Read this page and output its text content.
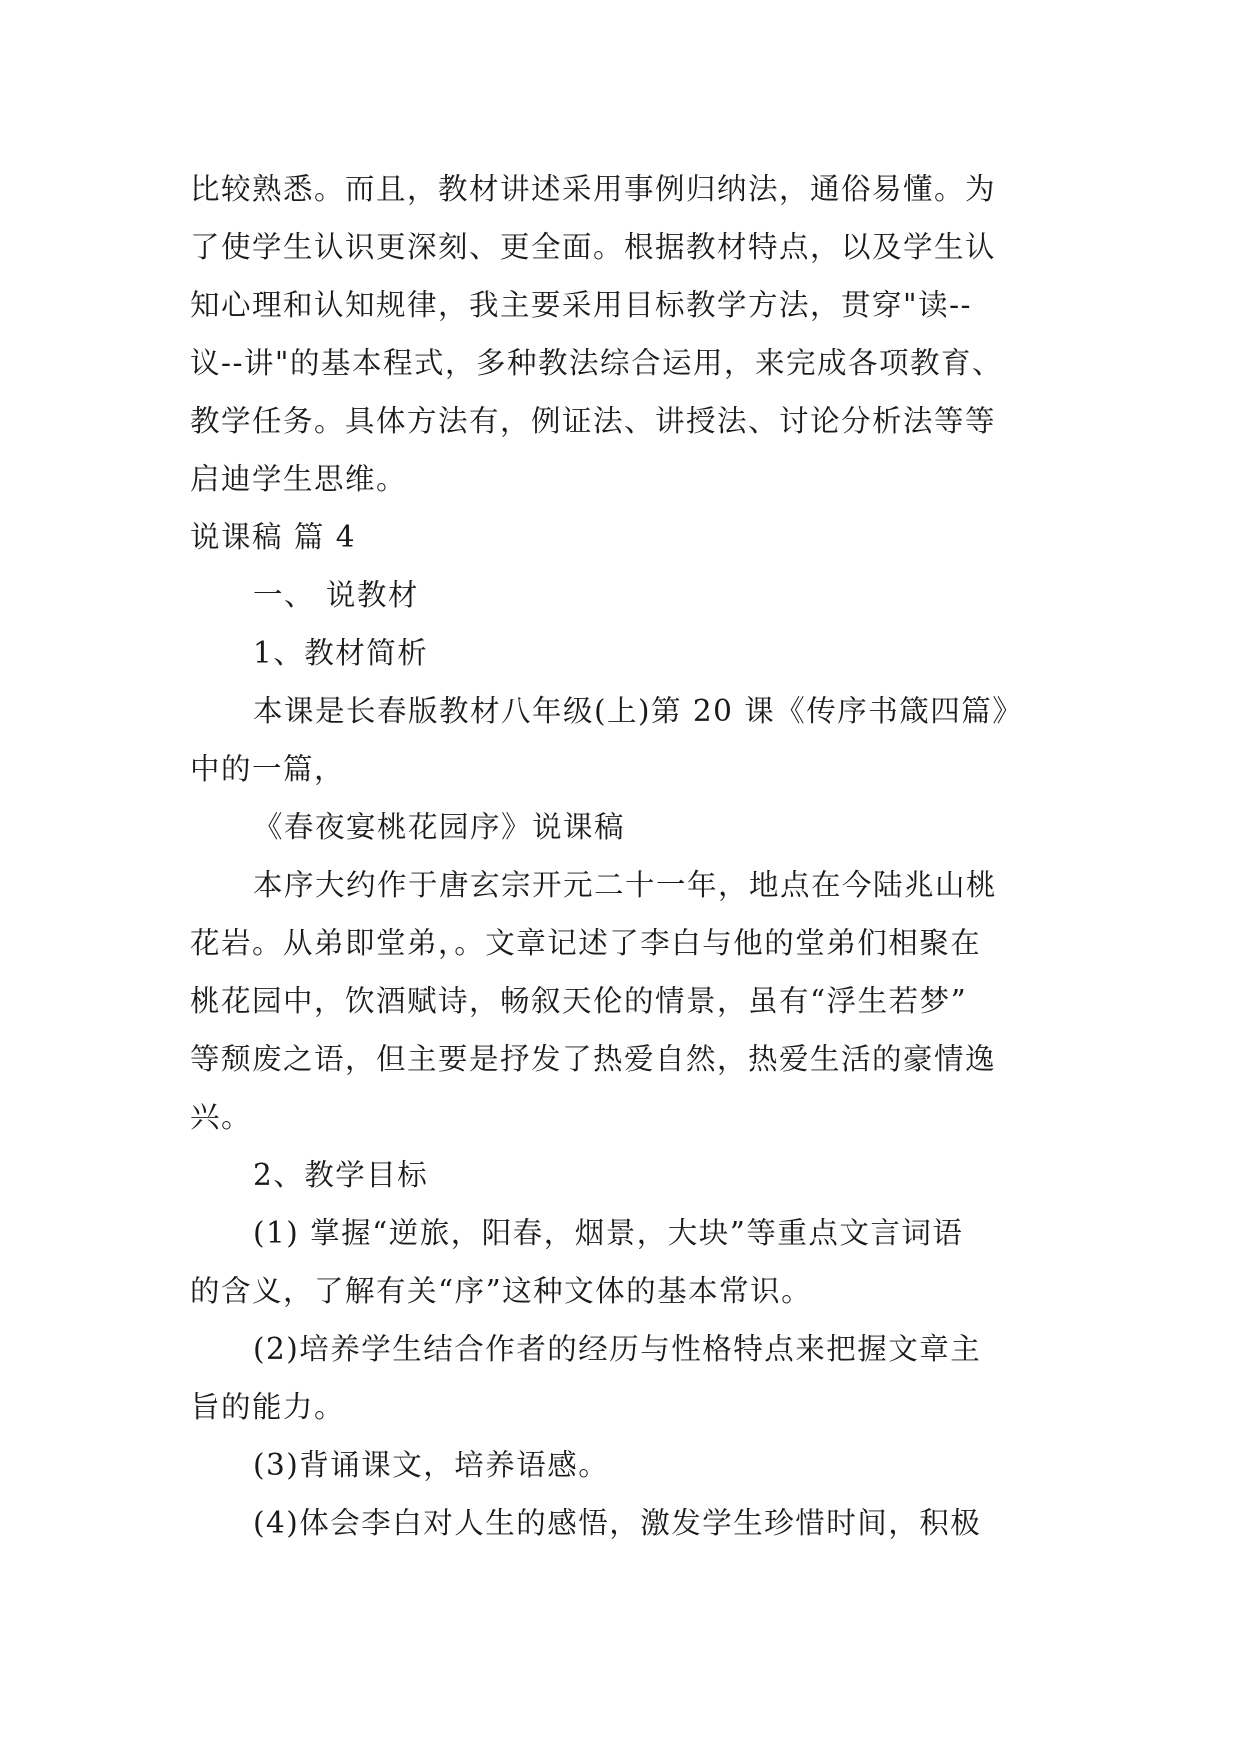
比较熟悉。而且，教材讲述采用事例归纳法，通俗易懂。为
了使学生认识更深刻、更全面。根据教材特点，以及学生认
知心理和认知规律，我主要采用目标教学方法，贯穿"读--
议--讲"的基本程式，多种教法综合运用，来完成各项教育、
教学任务。具体方法有，例证法、讲授法、讨论分析法等等
启迪学生思维。
说课稿 篇 4
一、 说教材
1、教材简析
本课是长春版教材八年级(上)第 20 课《传序书箴四篇》
中的一篇，
《春夜宴桃花园序》说课稿
本序大约作于唐玄宗开元二十一年，地点在今陆兆山桃
花岩。从弟即堂弟，。文章记述了李白与他的堂弟们相聚在
桃花园中，饮酒赋诗，畅叙天伦的情景，虽有“浮生若梦”
等颓废之语，但主要是抒发了热爱自然，热爱生活的豪情逸
兴。
2、教学目标
(1) 掌握“逆旅，阳春，烟景，大块”等重点文言词语
的含义，了解有关“序”这种文体的基本常识。
(2)培养学生结合作者的经历与性格特点来把握文章主
旨的能力。
(3)背诵课文，培养语感。
(4)体会李白对人生的感悟，激发学生珍惜时间，积极
